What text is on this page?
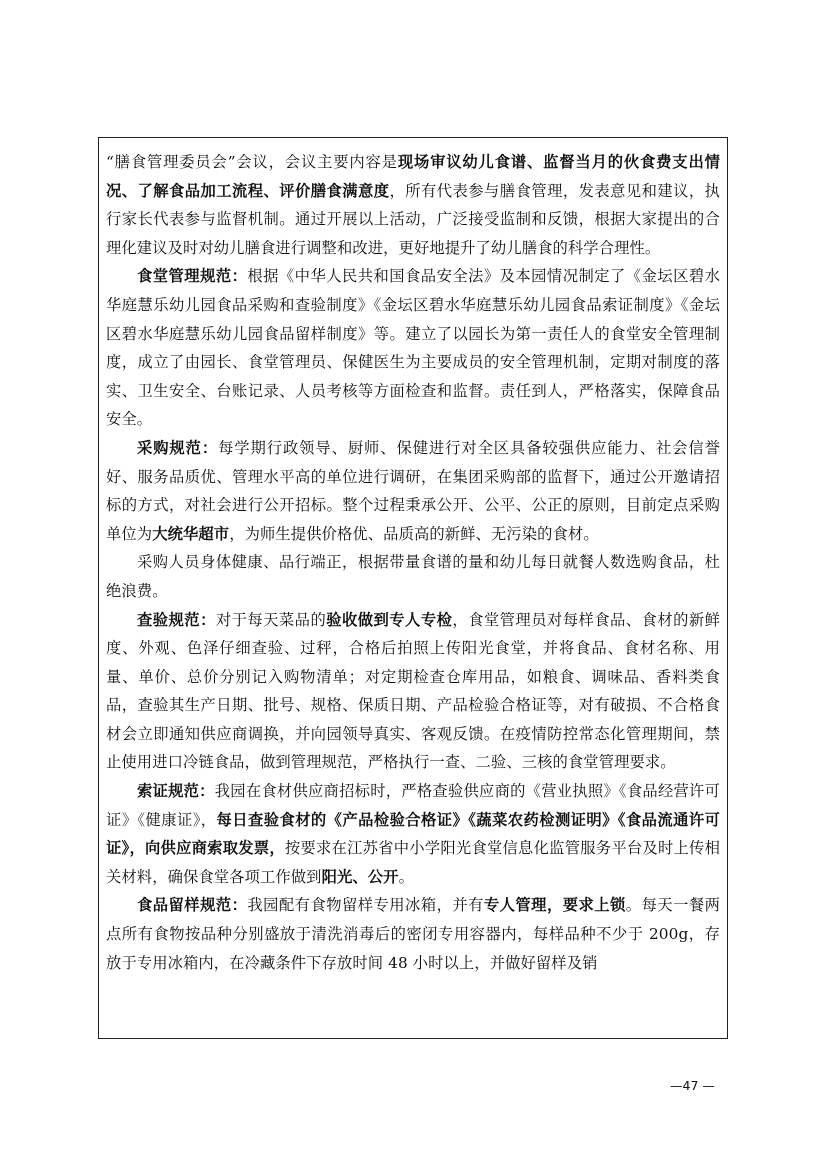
“膳食管理委员会”会议，会议主要内容是现场审议幼儿食谱、监督当月的伙食费支出情况、了解食品加工流程、评价膳食满意度，所有代表参与膳食管理，发表意见和建议，执行家长代表参与监督机制。通过开展以上活动，广泛接受监制和反馈，根据大家提出的合理化建议及时对幼儿膳食进行调整和改进，更好地提升了幼儿膳食的科学合理性。

食堂管理规范：根据《中华人民共和国食品安全法》及本园情况制定了《金坛区碧水华庭慧乐幼儿园食品采购和查验制度》《金坛区碧水华庭慧乐幼儿园食品索证制度》《金坛区碧水华庭慧乐幼儿园食品留样制度》等。建立了以园长为第一责任人的食堂安全管理制度，成立了由园长、食堂管理员、保健医生为主要成员的安全管理机制，定期对制度的落实、卫生安全、台账记录、人员考核等方面检查和监督。责任到人，严格落实，保障食品安全。

采购规范：每学期行政领导、厨师、保健进行对全区具备较强供应能力、社会信誉好、服务品质优、管理水平高的单位进行调研，在集团采购部的监督下，通过公开邀请招标的方式，对社会进行公开招标。整个过程秉承公开、公平、公正的原则，目前定点采购单位为大统华超市，为师生提供价格优、品质高的新鲜、无污染的食材。

采购人员身体健康、品行端正，根据带量食谱的量和幼儿每日就餐人数选购食品，杜绝浪费。

查验规范：对于每天菜品的验收做到专人专检，食堂管理员对每样食品、食材的新鲜度、外观、色泽仔细查验、过秤，合格后拍照上传阳光食堂，并将食品、食材名称、用量、单价、总价分别记入购物清单；对定期检查仓库用品，如粮食、调味品、香料类食品，查验其生产日期、批号、规格、保质日期、产品检验合格证等，对有破损、不合格食材会立即通知供应商调换，并向园领导真实、客观反馈。在疫情防控常态化管理期间，禁止使用进口冷链食品，做到管理规范，严格执行一查、二验、三核的食堂管理要求。

索证规范：我园在食材供应商招标时，严格查验供应商的《营业执照》《食品经营许可证》《健康证》，每日查验食材的《产品检验合格证》《蔬菜农药检测证明》《食品流通许可证》，向供应商索取发票，按要求在江苏省中小学阳光食堂信息化监管服务平台及时上传相关材料，确保食堂各项工作做到阳光、公开。

食品留样规范：我园配有食物留样专用冰箱，并有专人管理，要求上锁。每天一餐两点所有食物按品种分别盛放于清洗消毒后的密闭专用容器内，每样品种不少于 200g，存放于专用冰箱内，在冷藏条件下存放时间 48 小时以上，并做好留样及销

—47 —
